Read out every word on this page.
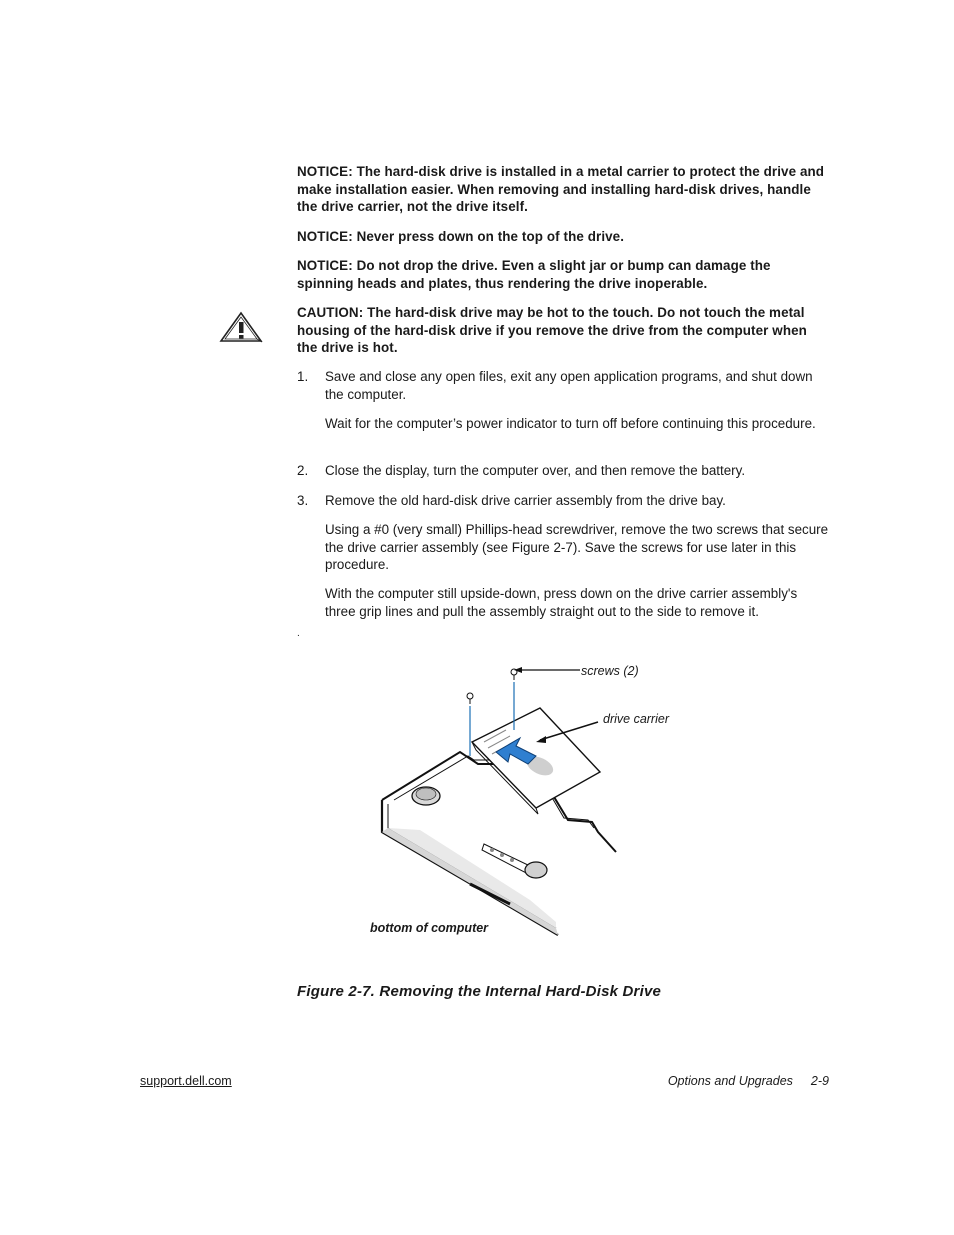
NOTICE: The hard-disk drive is installed in a metal carrier to protect the drive and make installation easier. When removing and installing hard-disk drives, handle the drive carrier, not the drive itself.
NOTICE: Never press down on the top of the drive.
NOTICE: Do not drop the drive. Even a slight jar or bump can damage the spinning heads and plates, thus rendering the drive inoperable.
CAUTION: The hard-disk drive may be hot to the touch. Do not touch the metal housing of the hard-disk drive if you remove the drive from the computer when the drive is hot.
1. Save and close any open files, exit any open application programs, and shut down the computer.
Wait for the computer’s power indicator to turn off before continuing this procedure.
2. Close the display, turn the computer over, and then remove the battery.
3. Remove the old hard-disk drive carrier assembly from the drive bay.
Using a #0 (very small) Phillips-head screwdriver, remove the two screws that secure the drive carrier assembly (see Figure 2-7). Save the screws for use later in this procedure.
With the computer still upside-down, press down on the drive carrier assembly's three grip lines and pull the assembly straight out to the side to remove it.
.
screws (2)
drive carrier
bottom of computer
Figure 2-7. Removing the Internal Hard-Disk Drive
support.dell.com	Options and Upgrades 2-9
